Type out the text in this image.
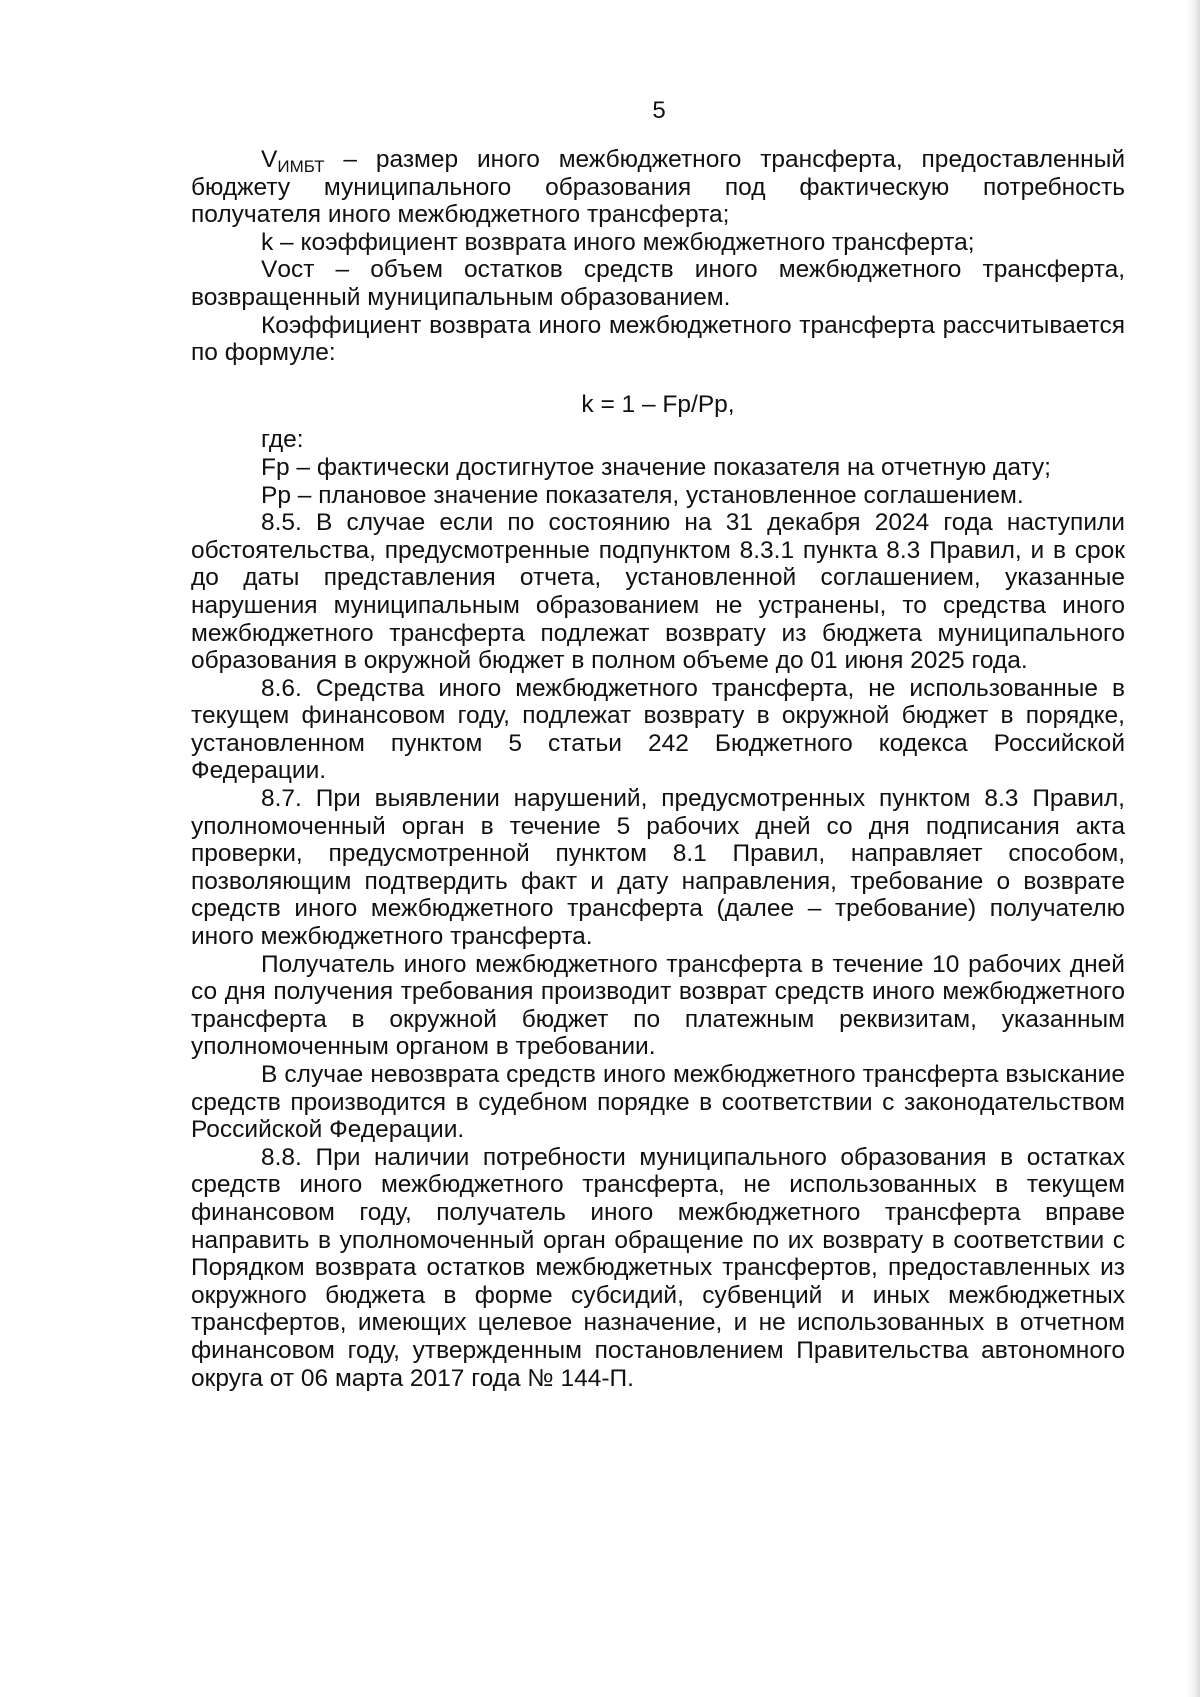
5

$V_{ИМБТ}$ – размер иного межбюджетного трансферта, предоставленный бюджету муниципального образования под фактическую потребность получателя иного межбюджетного трансферта;

k – коэффициент возврата иного межбюджетного трансферта;

Vост – объем остатков средств иного межбюджетного трансферта, возвращенный муниципальным образованием.

Коэффициент возврата иного межбюджетного трансферта рассчитывается по формуле:

k = 1 – Fp/Pp,

где:

Fp – фактически достигнутое значение показателя на отчетную дату;

Pp – плановое значение показателя, установленное соглашением.

8.5. В случае если по состоянию на 31 декабря 2024 года наступили обстоятельства, предусмотренные подпунктом 8.3.1 пункта 8.3 Правил, и в срок до даты представления отчета, установленной соглашением, указанные нарушения муниципальным образованием не устранены, то средства иного межбюджетного трансферта подлежат возврату из бюджета муниципального образования в окружной бюджет в полном объеме до 01 июня 2025 года.

8.6. Средства иного межбюджетного трансферта, не использованные в текущем финансовом году, подлежат возврату в окружной бюджет в порядке, установленном пунктом 5 статьи 242 Бюджетного кодекса Российской Федерации.

8.7. При выявлении нарушений, предусмотренных пунктом 8.3 Правил, уполномоченный орган в течение 5 рабочих дней со дня подписания акта проверки, предусмотренной пунктом 8.1 Правил, направляет способом, позволяющим подтвердить факт и дату направления, требование о возврате средств иного межбюджетного трансферта (далее – требование) получателю иного межбюджетного трансферта.

Получатель иного межбюджетного трансферта в течение 10 рабочих дней со дня получения требования производит возврат средств иного межбюджетного трансферта в окружной бюджет по платежным реквизитам, указанным уполномоченным органом в требовании.

В случае невозврата средств иного межбюджетного трансферта взыскание средств производится в судебном порядке в соответствии с законодательством Российской Федерации.

8.8. При наличии потребности муниципального образования в остатках средств иного межбюджетного трансферта, не использованных в текущем финансовом году, получатель иного межбюджетного трансферта вправе направить в уполномоченный орган обращение по их возврату в соответствии с Порядком возврата остатков межбюджетных трансфертов, предоставленных из окружного бюджета в форме субсидий, субвенций и иных межбюджетных трансфертов, имеющих целевое назначение, и не использованных в отчетном финансовом году, утвержденным постановлением Правительства автономного округа от 06 марта 2017 года № 144-П.
